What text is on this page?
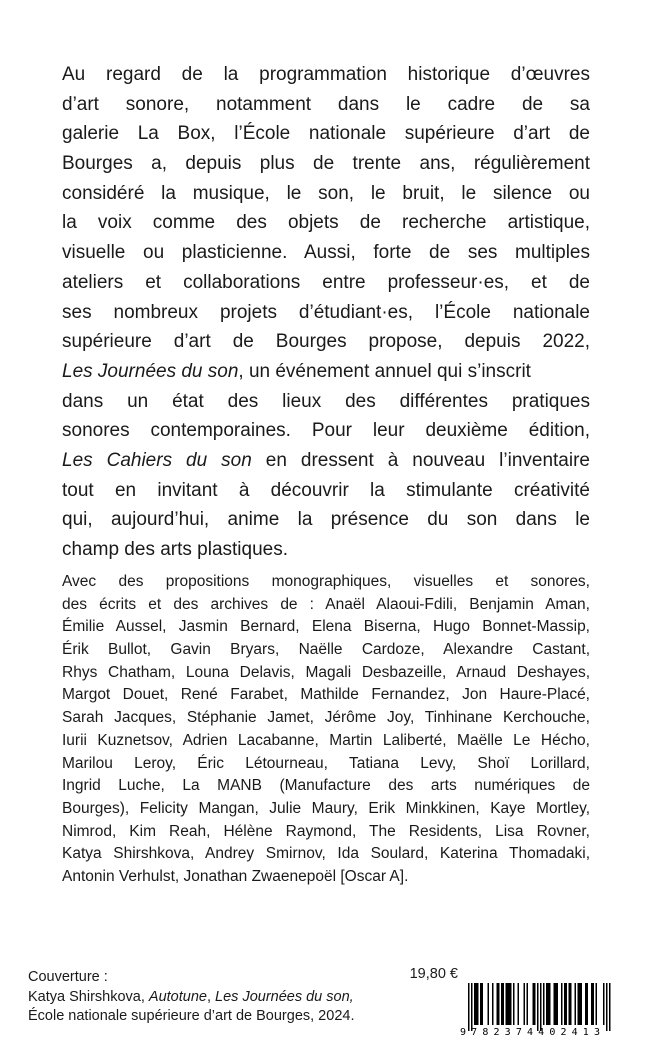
Au regard de la programmation historique d’œuvres
d’art sonore, notamment dans le cadre de sa
galerie La Box, l’École nationale supérieure d’art de
Bourges a, depuis plus de trente ans, régulièrement
considéré la musique, le son, le bruit, le silence ou
la voix comme des objets de recherche artistique,
visuelle ou plasticienne. Aussi, forte de ses multiples
ateliers et collaborations entre professeur·es, et de
ses nombreux projets d’étudiant·es, l’École nationale
supérieure d’art de Bourges propose, depuis 2022,
Les Journées du son, un événement annuel qui s’inscrit
dans un état des lieux des différentes pratiques
sonores contemporaines. Pour leur deuxième édition,
Les Cahiers du son en dressent à nouveau l’inventaire
tout en invitant à découvrir la stimulante créativité
qui, aujourd’hui, anime la présence du son dans le
champ des arts plastiques.
Avec des propositions monographiques, visuelles et sonores,
des écrits et des archives de : Anaël Alaoui-Fdili, Benjamin Aman,
Émilie Aussel, Jasmin Bernard, Elena Biserna, Hugo Bonnet-Massip,
Érik Bullot, Gavin Bryars, Naëlle Cardoze, Alexandre Castant,
Rhys Chatham, Louna Delavis, Magali Desbazeille, Arnaud Deshayes,
Margot Douet, René Farabet, Mathilde Fernandez, Jon Haure-Placé,
Sarah Jacques, Stéphanie Jamet, Jérôme Joy, Tinhinane Kerchouche,
Iurii Kuznetsov, Adrien Lacabanne, Martin Laliberté, Maëlle Le Hécho,
Marilou Leroy, Éric Létourneau, Tatiana Levy, Shoï Lorillard,
Ingrid Luche, La MANB (Manufacture des arts numériques de
Bourges), Felicity Mangan, Julie Maury, Erik Minkkinen, Kaye Mortley,
Nimrod, Kim Reah, Hélène Raymond, The Residents, Lisa Rovner,
Katya Shirshkova, Andrey Smirnov, Ida Soulard, Katerina Thomadaki,
Antonin Verhulst, Jonathan Zwaenepoël [Oscar A].
Couverture :
Katya Shirshkova, Autotune, Les Journées du son,
École nationale supérieure d’art de Bourges, 2024.
19,80 €
9782374402413
